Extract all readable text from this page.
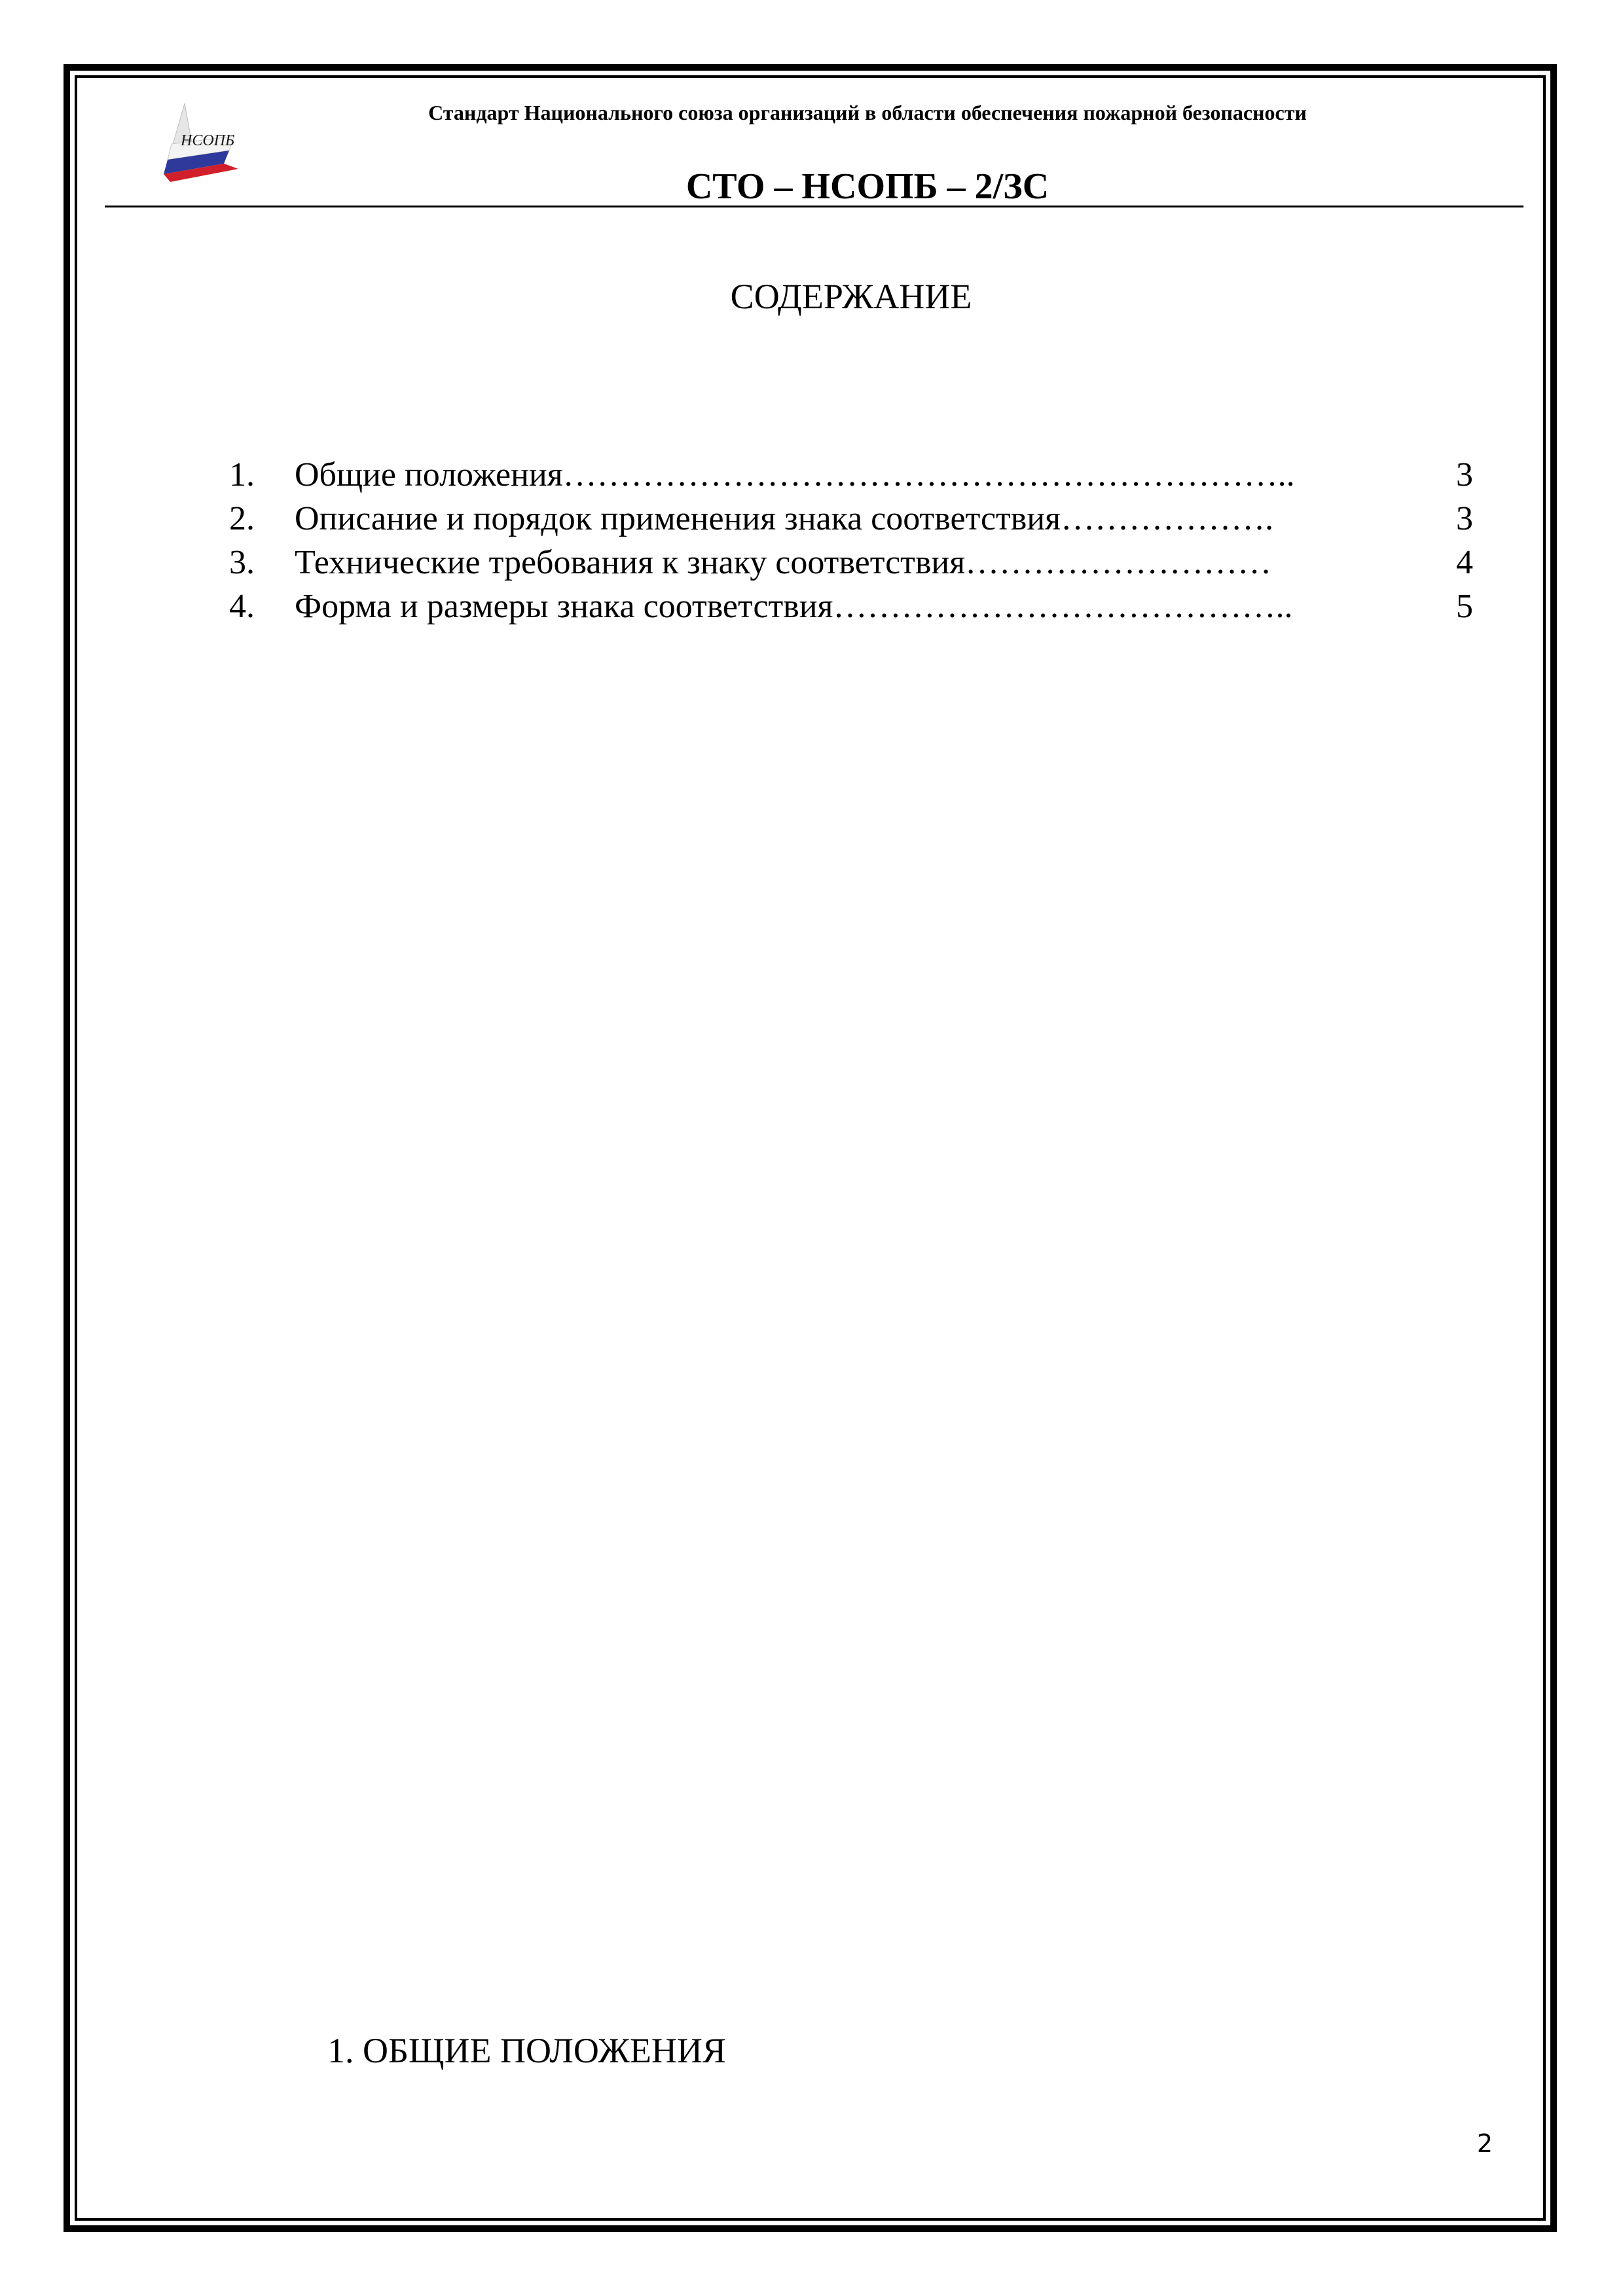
НСОПБ
Стандарт Национального союза организаций в области обеспечения пожарной безопасности
СТО – НСОПБ – 2/ЗС
СОДЕРЖАНИЕ
1.	Общие положения………………………………………………………..	3
2.	Описание и порядок применения знака соответствия……………….	3
3.	Технические требования к знаку соответствия………………………	4
4.	Форма и размеры знака соответствия…………………………………..	5
1. ОБЩИЕ ПОЛОЖЕНИЯ
2
